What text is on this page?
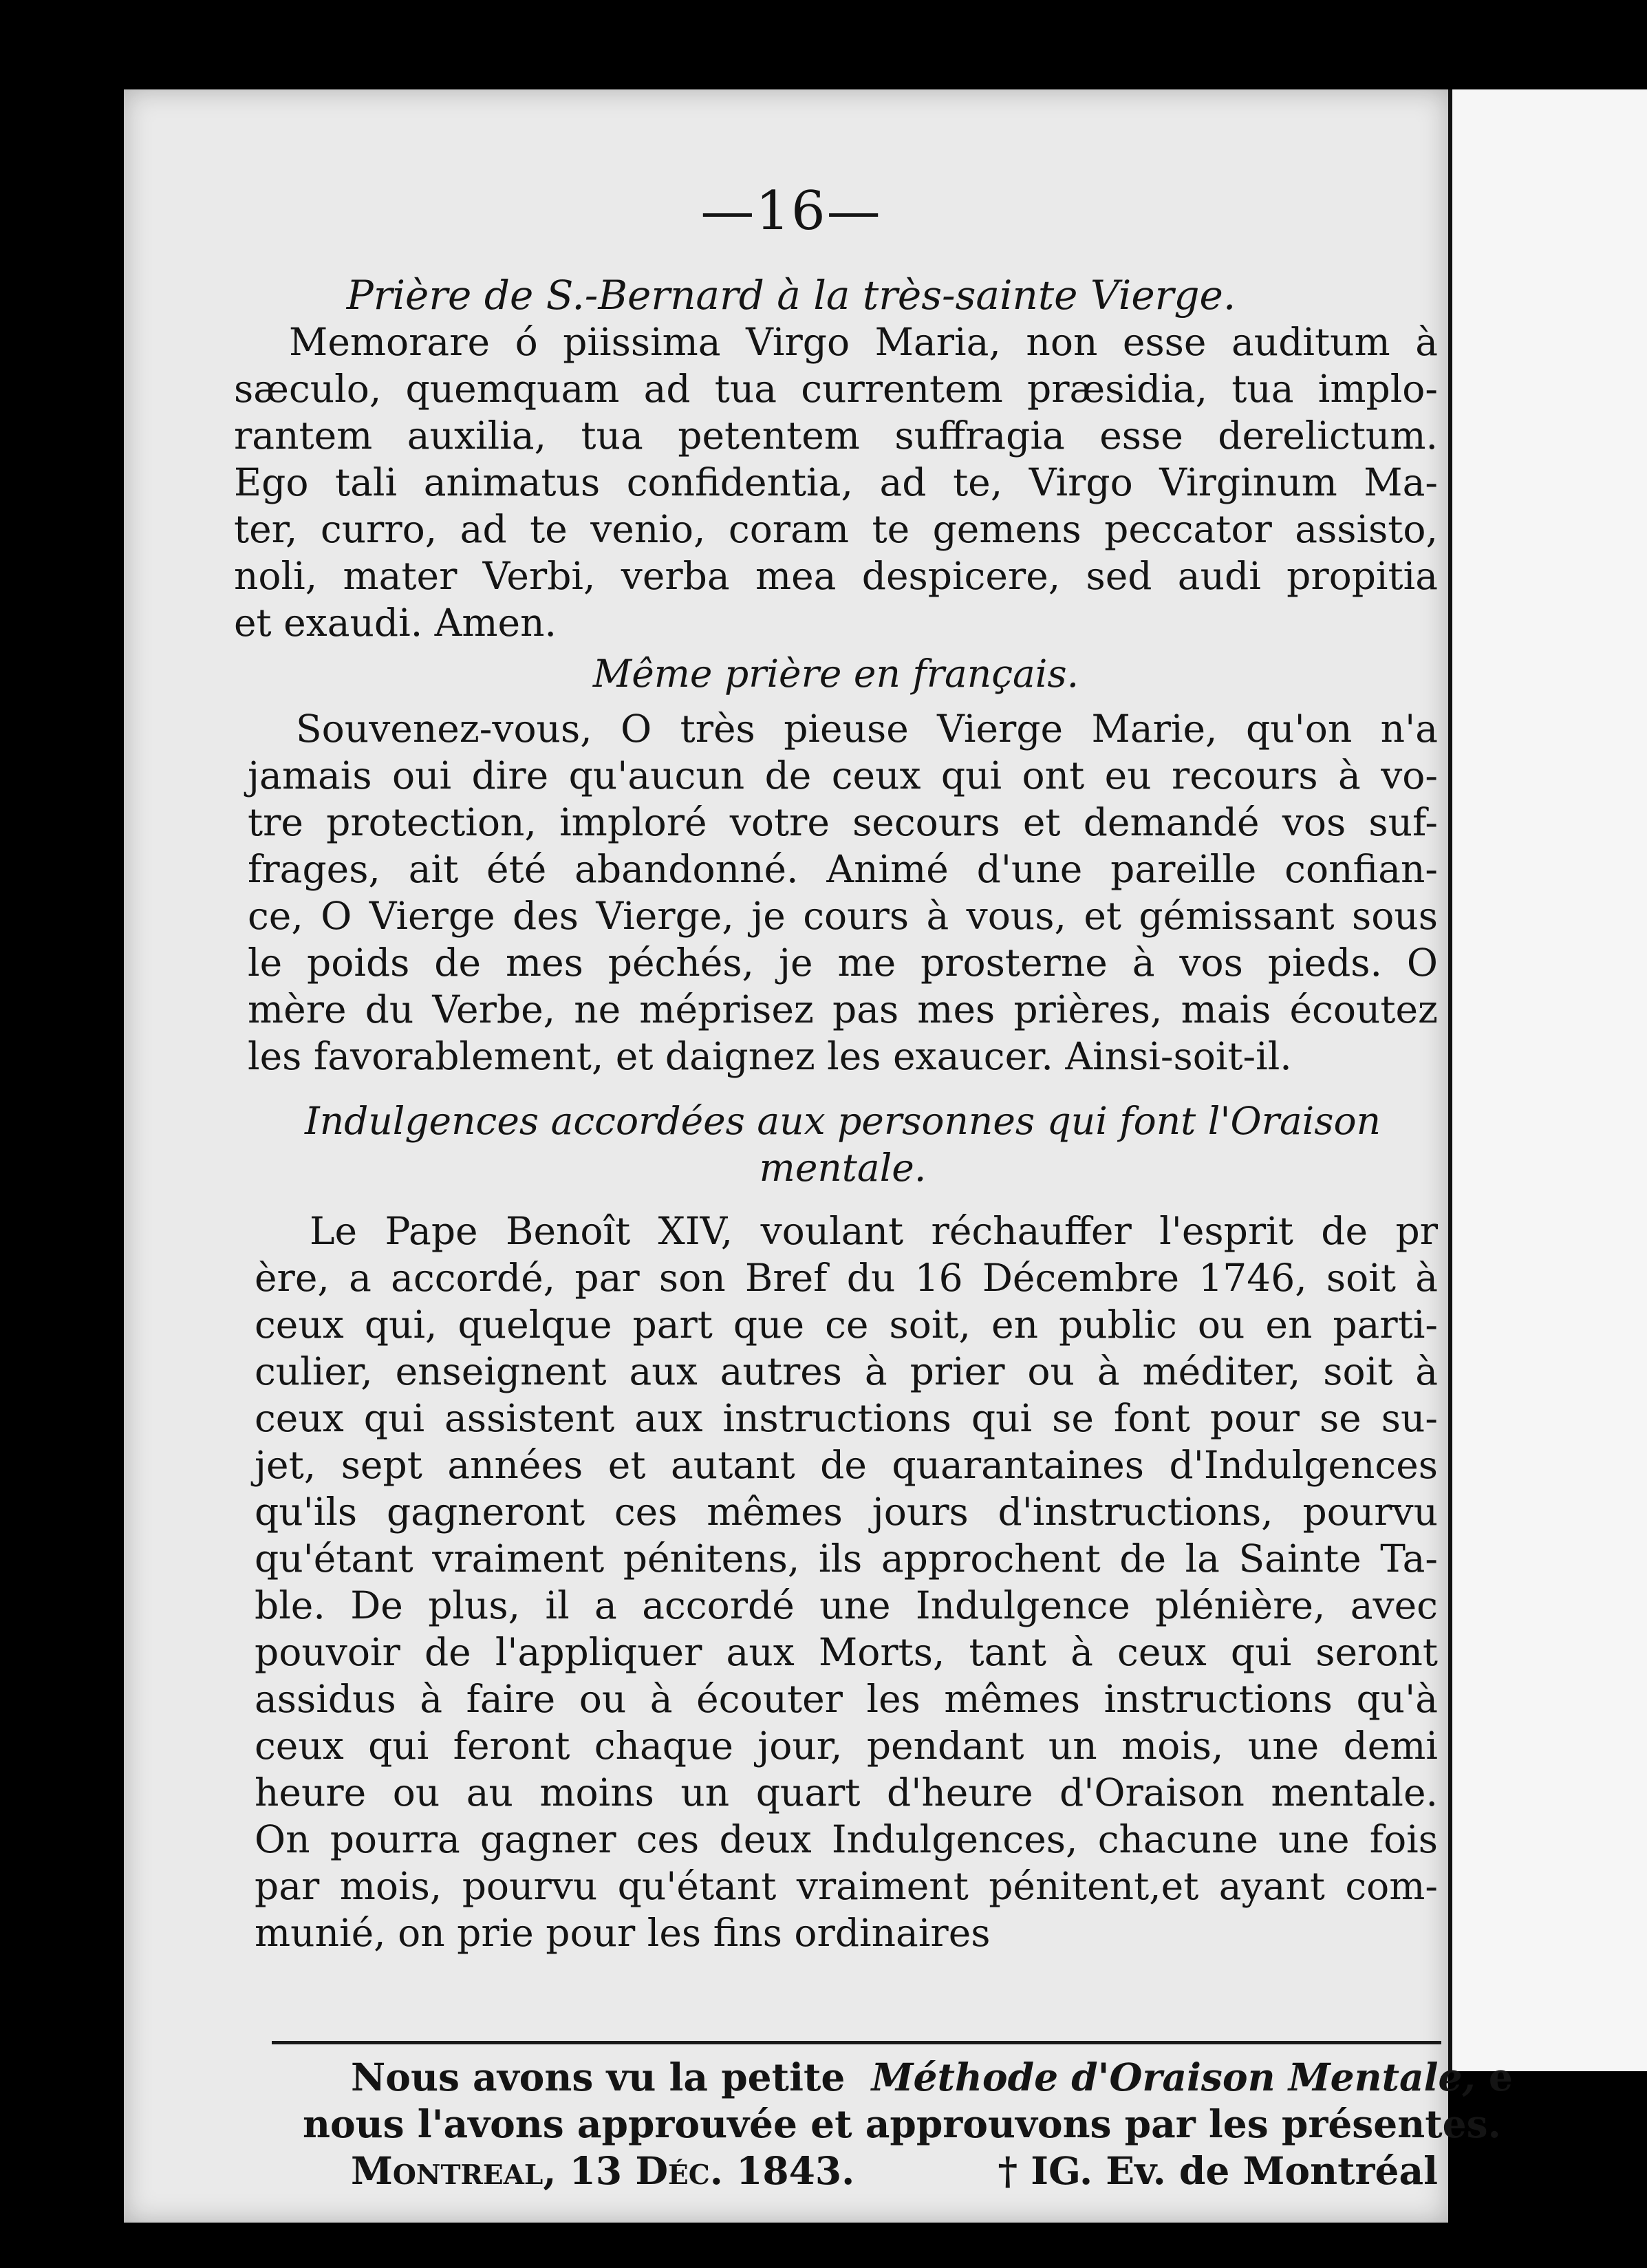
—16—
Prière de S.-Bernard à la très-sainte Vierge.
Memorare ó piissima Virgo Maria, non esse auditum à
sæculo, quemquam ad tua currentem præsidia, tua implo-
rantem auxilia, tua petentem suffragia esse derelictum.
Ego tali animatus confidentia, ad te, Virgo Virginum Ma-
ter, curro, ad te venio, coram te gemens peccator assisto,
noli, mater Verbi, verba mea despicere, sed audi propitia
et exaudi. Amen.
Même prière en français.
Souvenez-vous, O très pieuse Vierge Marie, qu'on n'a
jamais oui dire qu'aucun de ceux qui ont eu recours à vo-
tre protection, imploré votre secours et demandé vos suf-
frages, ait été abandonné. Animé d'une pareille confian-
ce, O Vierge des Vierge, je cours à vous, et gémissant sous
le poids de mes péchés, je me prosterne à vos pieds. O
mère du Verbe, ne méprisez pas mes prières, mais écoutez
les favorablement, et daignez les exaucer. Ainsi-soit-il.
Indulgences accordées aux personnes qui font l'Oraison
mentale.
Le Pape Benoît XIV, voulant réchauffer l'esprit de pr
ère, a accordé, par son Bref du 16 Décembre 1746, soit à
ceux qui, quelque part que ce soit, en public ou en parti-
culier, enseignent aux autres à prier ou à méditer, soit à
ceux qui assistent aux instructions qui se font pour se su-
jet, sept années et autant de quarantaines d'Indulgences
qu'ils gagneront ces mêmes jours d'instructions, pourvu
qu'étant vraiment pénitens, ils approchent de la Sainte Ta-
ble. De plus, il a accordé une Indulgence plénière, avec
pouvoir de l'appliquer aux Morts, tant à ceux qui seront
assidus à faire ou à écouter les mêmes instructions qu'à
ceux qui feront chaque jour, pendant un mois, une demi
heure ou au moins un quart d'heure d'Oraison mentale.
On pourra gagner ces deux Indulgences, chacune une fois
par mois, pourvu qu'étant vraiment pénitent,et ayant com-
munié, on prie pour les fins ordinaires
Nous avons vu la petite Méthode d'Oraison Mentale, e
nous l'avons approuvée et approuvons par les présentes.
Montreal, 13 Déc. 1843.	† IG. Ev. de Montréal
